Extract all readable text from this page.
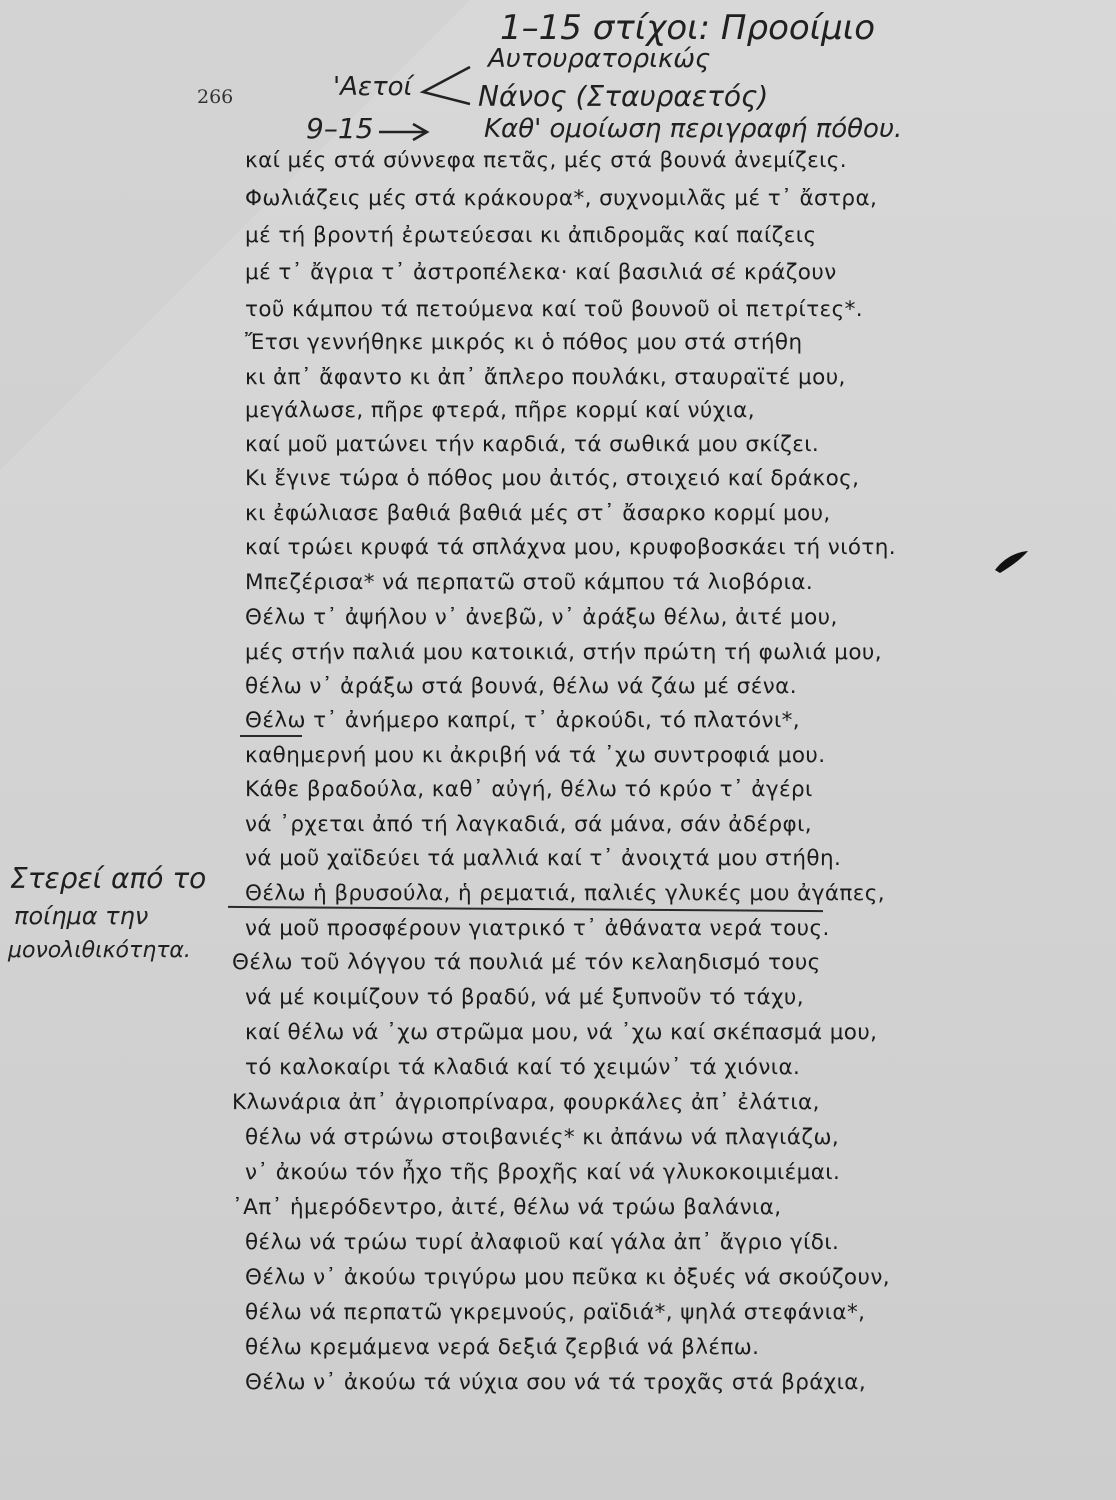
266
1–15 στίχοι: Προοίμιο
Αυτουρατορικώς
'Αετοί Νάνος (Σταυραετός)
9–15	Καθ' ομοίωση περιγραφή πόθου.
καί μές στά σύννεφα πετᾶς, μές στά βουνά ἀνεμίζεις.
Φωλιάζεις μές στά κράκουρα*, συχνομιλᾶς μέ τ᾽ ἄστρα,
μέ τή βροντή ἐρωτεύεσαι κι ἀπιδρομᾶς καί παίζεις
μέ τ᾽ ἄγρια τ᾽ ἀστροπέλεκα· καί βασιλιά σέ κράζουν
τοῦ κάμπου τά πετούμενα καί τοῦ βουνοῦ οἱ πετρίτες*.
Ἔτσι γεννήθηκε μικρός κι ὁ πόθος μου στά στήθη
κι ἀπ᾽ ἄφαντο κι ἀπ᾽ ἄπλερο πουλάκι, σταυραϊτέ μου,
μεγάλωσε, πῆρε φτερά, πῆρε κορμί καί νύχια,
καί μοῦ ματώνει τήν καρδιά, τά σωθικά μου σκίζει.
Κι ἔγινε τώρα ὁ πόθος μου ἀιτός, στοιχειό καί δράκος,
κι ἐφώλιασε βαθιά βαθιά μές στ᾽ ἄσαρκο κορμί μου,
καί τρώει κρυφά τά σπλάχνα μου, κρυφοβοσκάει τή νιότη.
Μπεζέρισα* νά περπατῶ στοῦ κάμπου τά λιοβόρια.
Θέλω τ᾽ ἀψήλου ν᾽ ἀνεβῶ, ν᾽ ἀράξω θέλω, ἀιτέ μου,
μές στήν παλιά μου κατοικιά, στήν πρώτη τή φωλιά μου,
θέλω ν᾽ ἀράξω στά βουνά, θέλω νά ζάω μέ σένα.
Θέλω τ᾽ ἀνήμερο καπρί, τ᾽ ἀρκούδι, τό πλατόνι*,
καθημερνή μου κι ἀκριβή νά τά ᾽χω συντροφιά μου.
Κάθε βραδούλα, καθ᾽ αὐγή, θέλω τό κρύο τ᾽ ἀγέρι
νά ᾽ρχεται ἀπό τή λαγκαδιά, σά μάνα, σάν ἀδέρφι,
νά μοῦ χαϊδεύει τά μαλλιά καί τ᾽ ἀνοιχτά μου στήθη.
Θέλω ἡ βρυσούλα, ἡ ρεματιά, παλιές γλυκές μου ἀγάπες,
νά μοῦ προσφέρουν γιατρικό τ᾽ ἀθάνατα νερά τους.
Θέλω τοῦ λόγγου τά πουλιά μέ τόν κελαηδισμό τους
νά μέ κοιμίζουν τό βραδύ, νά μέ ξυπνοῦν τό τάχυ,
καί θέλω νά ᾽χω στρῶμα μου, νά ᾽χω καί σκέπασμά μου,
τό καλοκαίρι τά κλαδιά καί τό χειμών᾽ τά χιόνια.
Κλωνάρια ἀπ᾽ ἀγριοπρίναρα, φουρκάλες ἀπ᾽ ἐλάτια,
θέλω νά στρώνω στοιβανιές* κι ἀπάνω νά πλαγιάζω,
ν᾽ ἀκούω τόν ἦχο τῆς βροχῆς καί νά γλυκοκοιμιέμαι.
᾽Απ᾽ ἡμερόδεντρο, ἀιτέ, θέλω νά τρώω βαλάνια,
θέλω νά τρώω τυρί ἀλαφιοῦ καί γάλα ἀπ᾽ ἄγριο γίδι.
Θέλω ν᾽ ἀκούω τριγύρω μου πεῦκα κι ὀξυές νά σκούζουν,
θέλω νά περπατῶ γκρεμνούς, ραϊδιά*, ψηλά στεφάνια*,
θέλω κρεμάμενα νερά δεξιά ζερβιά νά βλέπω.
Θέλω ν᾽ ἀκούω τά νύχια σου νά τά τροχᾶς στά βράχια,
Στερεί από το
ποίημα την
μονολιθικότητα.
